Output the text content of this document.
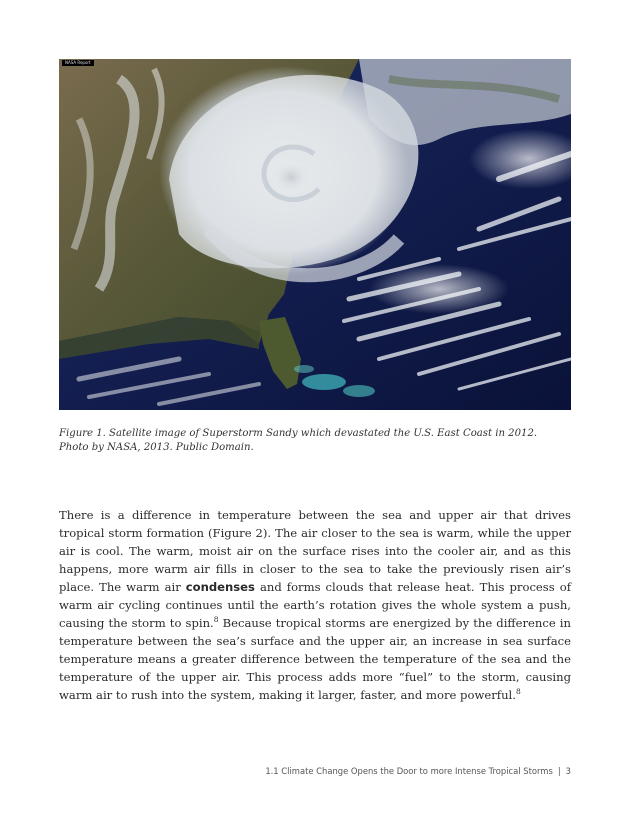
NASA Report

Figure 1. Satellite image of Superstorm Sandy which devastated the U.S. East Coast in 2012.

Photo by NASA, 2013. Public Domain.

There is a difference in temperature between the sea and upper air that drives tropical storm formation (Figure 2). The air closer to the sea is warm, while the upper air is cool. The warm, moist air on the surface rises into the cooler air, and as this happens, more warm air fills in closer to the sea to take the previously risen air’s place. The warm air condenses and forms clouds that release heat. This process of warm air cycling continues until the earth’s rotation gives the whole system a push, causing the storm to spin.$^8$ Because tropical storms are energized by the difference in temperature between the sea’s surface and the upper air, an increase in sea surface temperature means a greater difference between the temperature of the sea and the temperature of the upper air. This process adds more “fuel” to the storm, causing warm air to rush into the system, making it larger, faster, and more powerful.$^8$

1.1 Climate Change Opens the Door to more Intense Tropical Storms | 3
